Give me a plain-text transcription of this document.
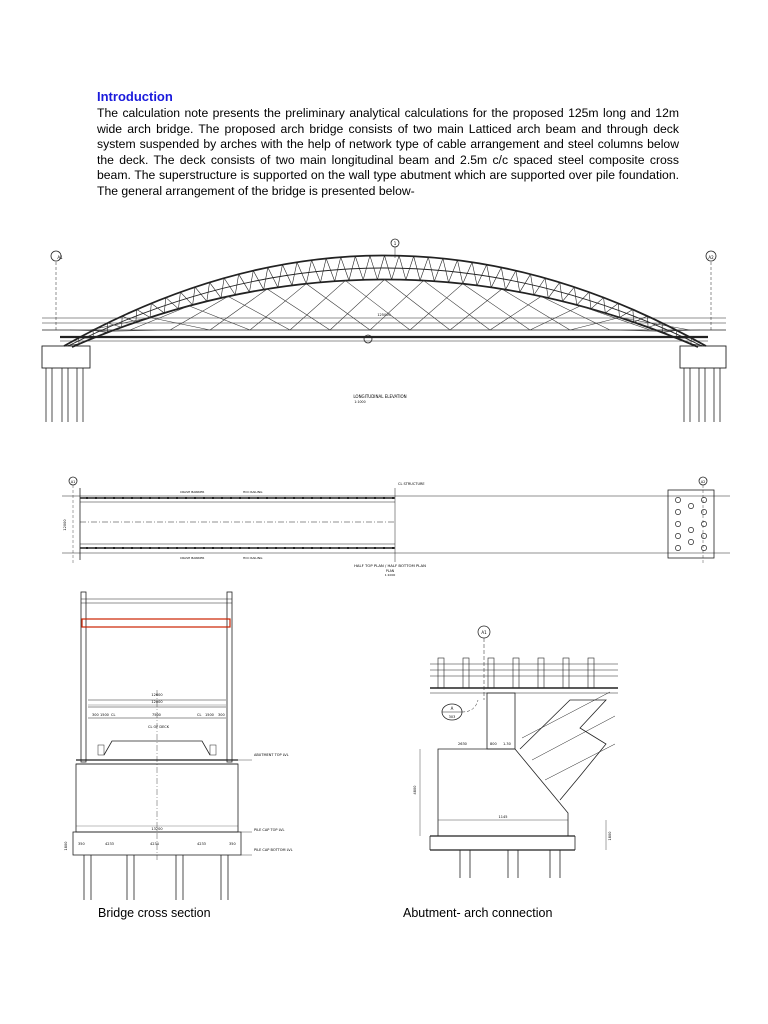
Introduction

The calculation note presents the preliminary analytical calculations for the proposed 125m long and 12m wide arch bridge. The proposed arch bridge consists of two main Latticed arch beam and through deck system suspended by arches with the help of network type of cable arrangement and steel columns below the deck. The deck consists of two main longitudinal beam and 2.5m c/c spaced steel composite cross beam. The superstructure is supported on the wall type abutment which are supported over pile foundation. The general arrangement of the bridge is presented below-

A1	A2
1
125000
LONGITUDINAL ELEVATION
1:1000
12000
A1	A2
CL STRUCTURE
CRASH BARRIER	HCC RAILING
CRASH BARRIER	HCC RAILING
HALF TOP PLAN / HALF BOTTOM PLAN
PLAN
1:1000
12600
12000
300 1500 CL	7500	CL 1500 300
CL OF DECK
ABUTMENT TOP LVL
PILE CAP TOP LVL
PILE CAP BOTTOM LVL
13200
350	4233	4234	4233	350
1800
A1
A
303
2630	800 1.30
1145
4800
1800
Bridge cross section	Abutment- arch connection
